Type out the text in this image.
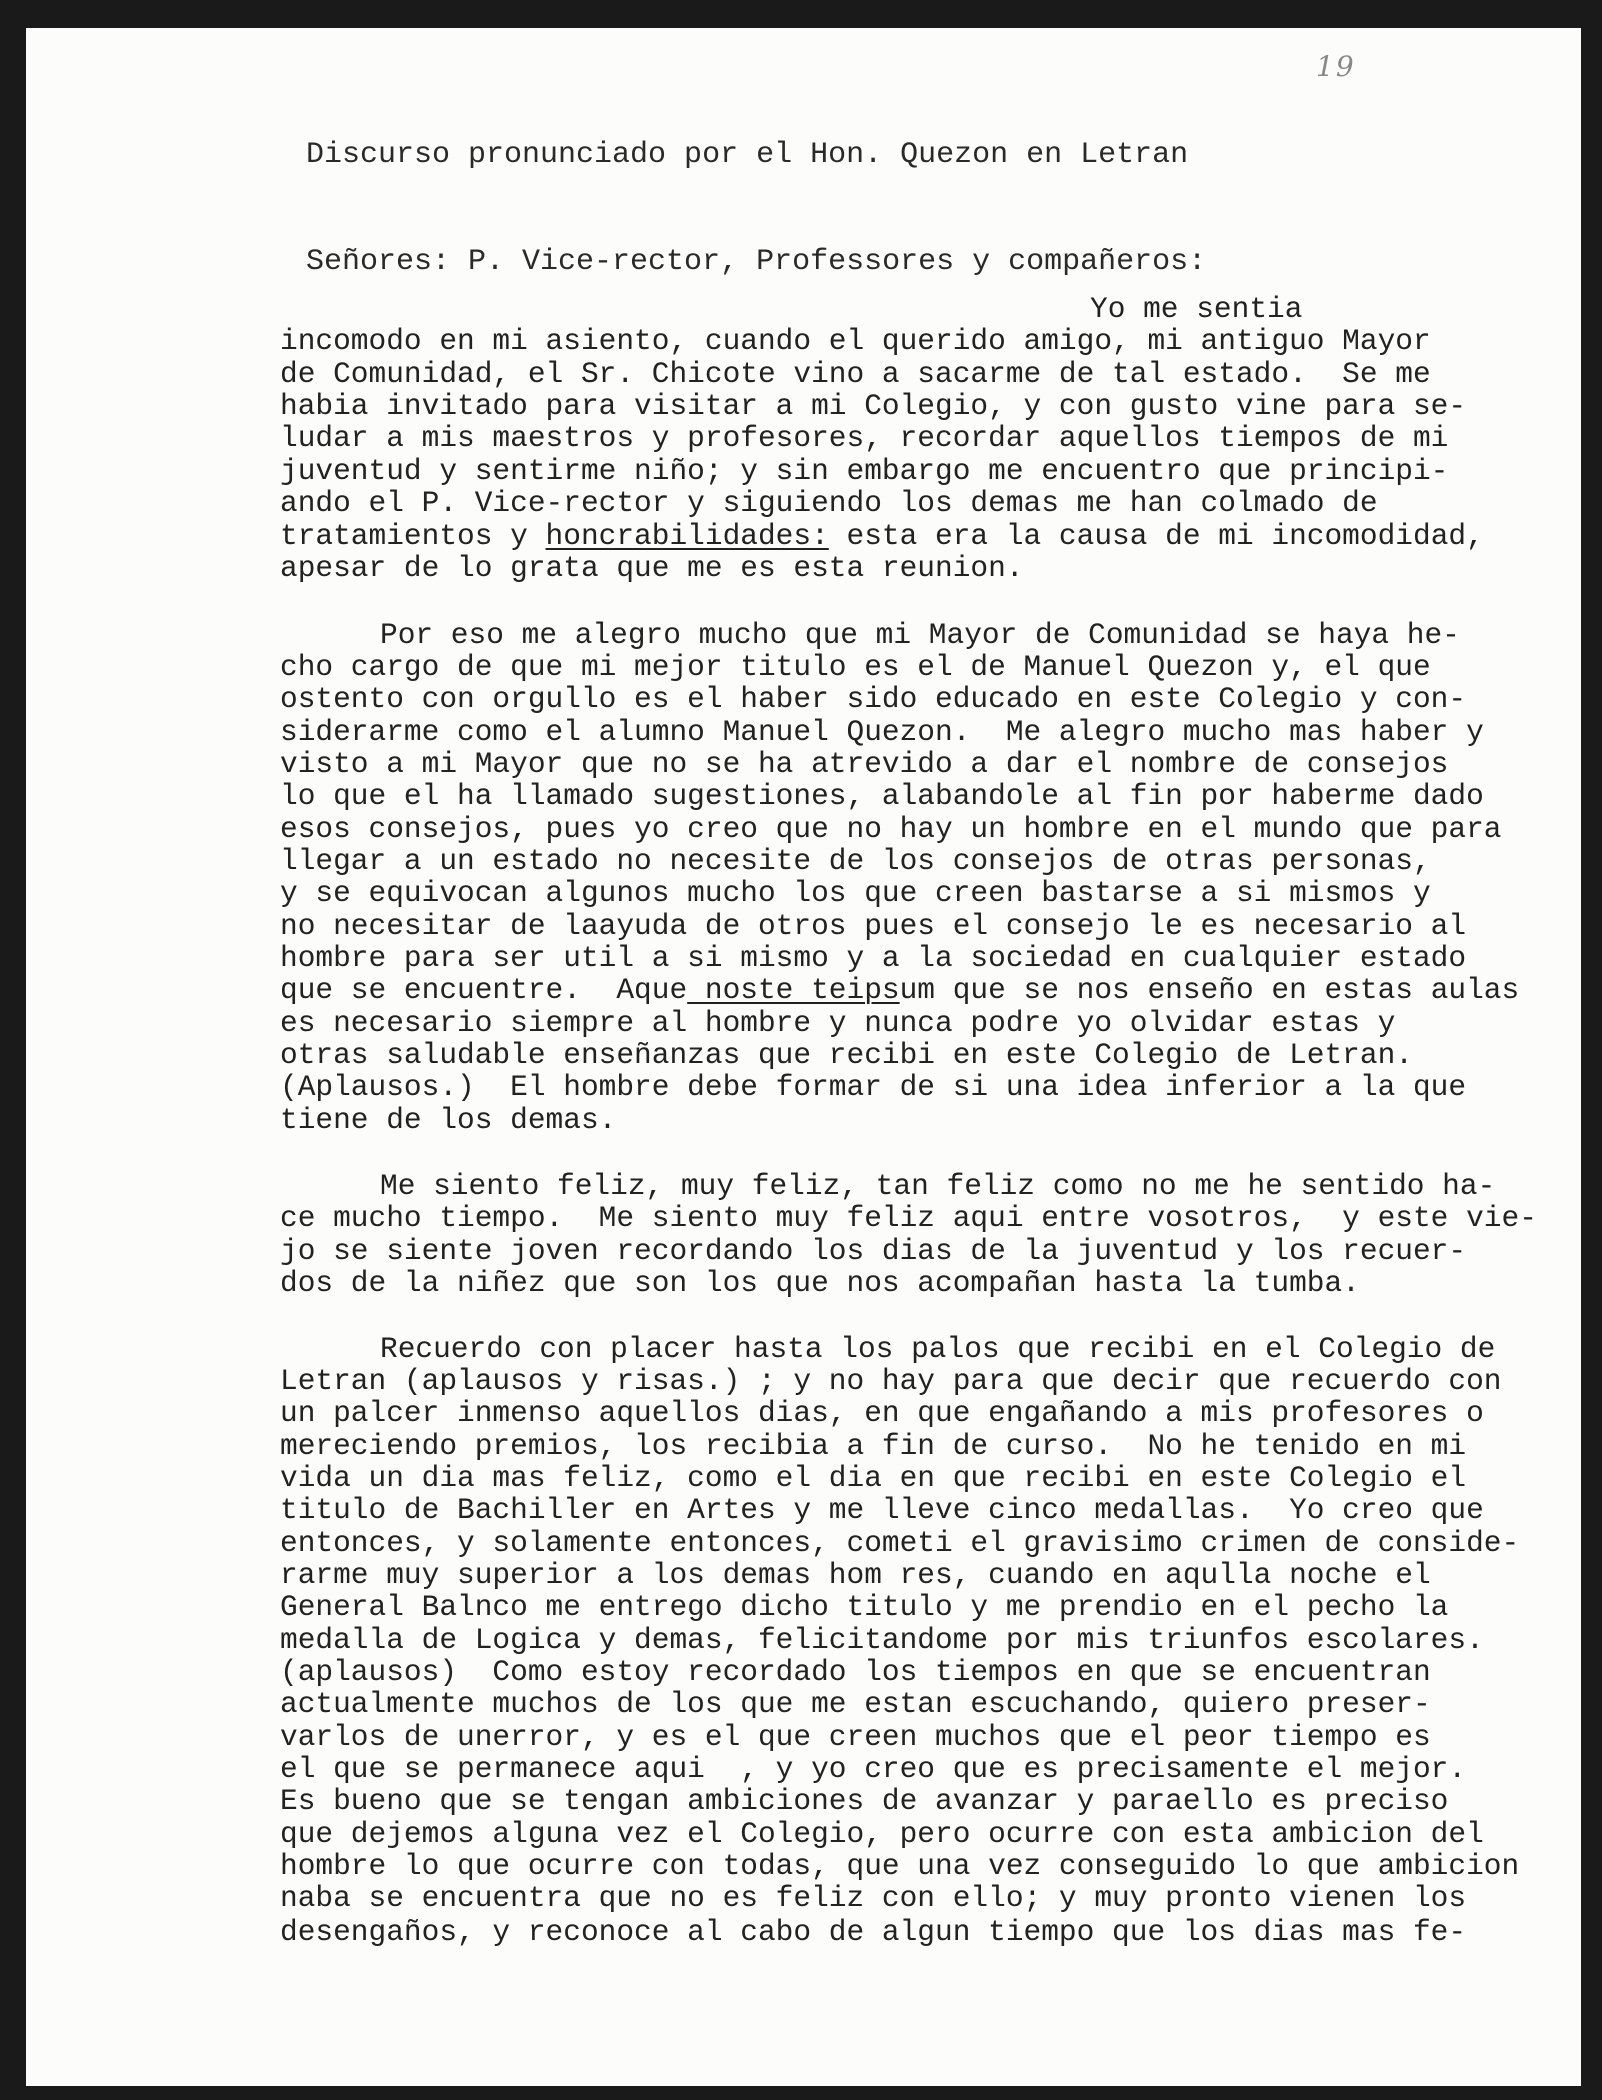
19
Discurso pronunciado por el Hon. Quezon en Letran
Señores: P. Vice-rector, Professores y compañeros:
Yo me sentia
incomodo en mi asiento, cuando el querido amigo, mi antiguo Mayor
de Comunidad, el Sr. Chicote vino a sacarme de tal estado.  Se me
habia invitado para visitar a mi Colegio, y con gusto vine para se-
ludar a mis maestros y profesores, recordar aquellos tiempos de mi
juventud y sentirme niño; y sin embargo me encuentro que principi-
ando el P. Vice-rector y siguiendo los demas me han colmado de
tratamientos y honcrabilidades: esta era la causa de mi incomodidad,
apesar de lo grata que me es esta reunion.
Por eso me alegro mucho que mi Mayor de Comunidad se haya he-
cho cargo de que mi mejor titulo es el de Manuel Quezon y, el que
ostento con orgullo es el haber sido educado en este Colegio y con-
siderarme como el alumno Manuel Quezon.  Me alegro mucho mas haber y
visto a mi Mayor que no se ha atrevido a dar el nombre de consejos
lo que el ha llamado sugestiones, alabandole al fin por haberme dado
esos consejos, pues yo creo que no hay un hombre en el mundo que para
llegar a un estado no necesite de los consejos de otras personas,
y se equivocan algunos mucho los que creen bastarse a si mismos y
no necesitar de laayuda de otros pues el consejo le es necesario al
hombre para ser util a si mismo y a la sociedad en cualquier estado
que se encuentre.  Aque noste teipsum que se nos enseño en estas aulas
es necesario siempre al hombre y nunca podre yo olvidar estas y
otras saludable enseñanzas que recibi en este Colegio de Letran.
(Aplausos.)  El hombre debe formar de si una idea inferior a la que
tiene de los demas.
Me siento feliz, muy feliz, tan feliz como no me he sentido ha-
ce mucho tiempo.  Me siento muy feliz aqui entre vosotros,  y este vie-
jo se siente joven recordando los dias de la juventud y los recuer-
dos de la niñez que son los que nos acompañan hasta la tumba.
Recuerdo con placer hasta los palos que recibi en el Colegio de
Letran (aplausos y risas.) ; y no hay para que decir que recuerdo con
un palcer inmenso aquellos dias, en que engañando a mis profesores o
mereciendo premios, los recibia a fin de curso.  No he tenido en mi
vida un dia mas feliz, como el dia en que recibi en este Colegio el
titulo de Bachiller en Artes y me lleve cinco medallas.  Yo creo que
entonces, y solamente entonces, cometi el gravisimo crimen de conside-
rarme muy superior a los demas hom res, cuando en aqulla noche el
General Balnco me entrego dicho titulo y me prendio en el pecho la
medalla de Logica y demas, felicitandome por mis triunfos escolares.
(aplausos)  Como estoy recordado los tiempos en que se encuentran
actualmente muchos de los que me estan escuchando, quiero preser-
varlos de unerror, y es el que creen muchos que el peor tiempo es
el que se permanece aqui  , y yo creo que es precisamente el mejor.
Es bueno que se tengan ambiciones de avanzar y paraello es preciso
que dejemos alguna vez el Colegio, pero ocurre con esta ambicion del
hombre lo que ocurre con todas, que una vez conseguido lo que ambicion
naba se encuentra que no es feliz con ello; y muy pronto vienen los
desengaños, y reconoce al cabo de algun tiempo que los dias mas fe-
